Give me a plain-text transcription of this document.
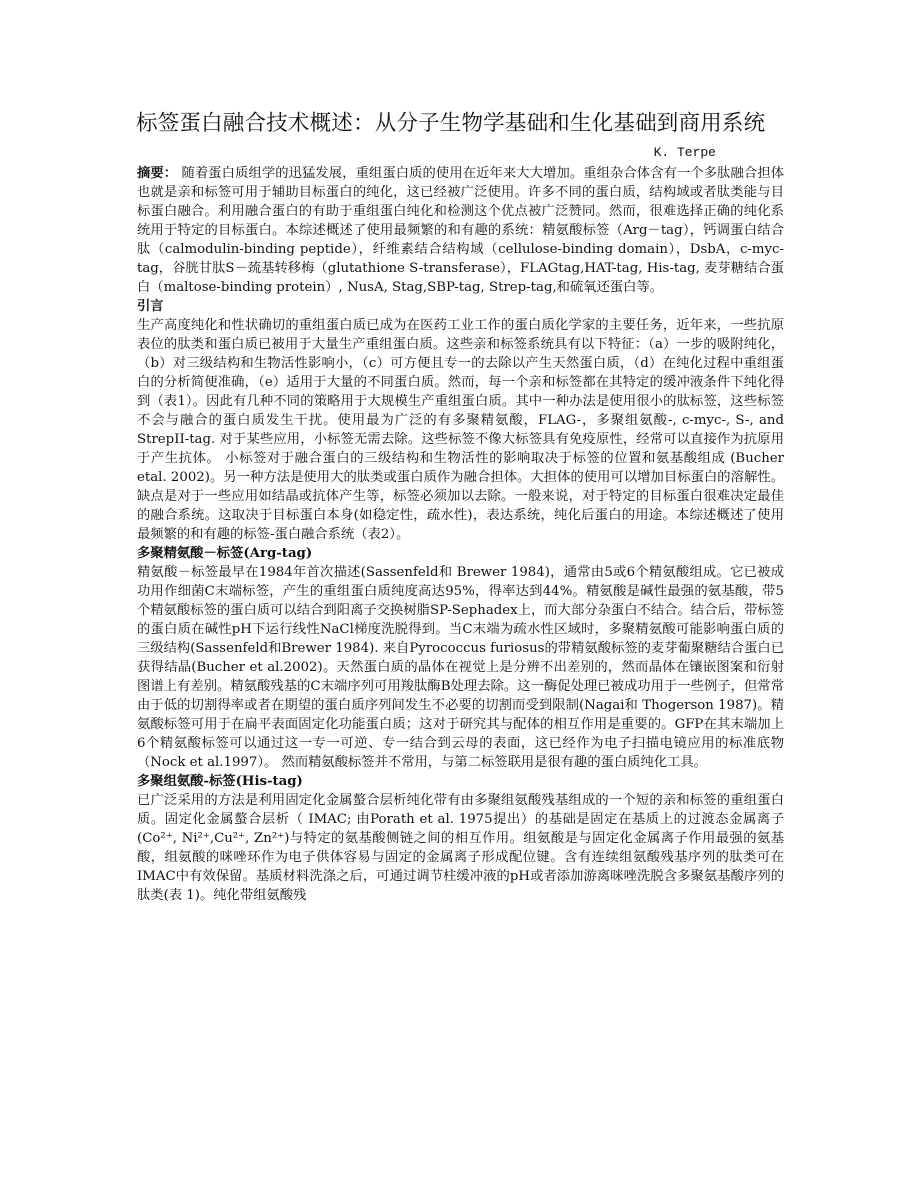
标签蛋白融合技术概述：从分子生物学基础和生化基础到商用系统
K. Terpe

摘要： 随着蛋白质组学的迅猛发展，重组蛋白质的使用在近年来大大增加。重组杂合体含有一个多肽融合担体也就是亲和标签可用于辅助目标蛋白的纯化，这已经被广泛使用。许多不同的蛋白质，结构域或者肽类能与目标蛋白融合。利用融合蛋白的有助于重组蛋白纯化和检测这个优点被广泛赞同。然而，很难选择正确的纯化系统用于特定的目标蛋白。本综述概述了使用最频繁的和有趣的系统：精氨酸标签（Arg－tag），钙调蛋白结合肽（calmodulin-binding peptide），纤维素结合结构域（cellulose-binding domain），DsbA，c-myc-tag，谷胱甘肽S－巯基转移梅（glutathione S-transferase），FLAGtag,HAT-tag, His-tag, 麦芽糖结合蛋白（maltose-binding protein）, NusA, Stag,SBP-tag, Strep-tag,和硫氧还蛋白等。

引言

生产高度纯化和性状确切的重组蛋白质已成为在医药工业工作的蛋白质化学家的主要任务，近年来，一些抗原表位的肽类和蛋白质已被用于大量生产重组蛋白质。这些亲和标签系统具有以下特征：（a）一步的吸附纯化，（b）对三级结构和生物活性影响小，（c）可方便且专一的去除以产生天然蛋白质，（d）在纯化过程中重组蛋白的分析简便准确，（e）适用于大量的不同蛋白质。然而，每一个亲和标签都在其特定的缓冲液条件下纯化得到（表1）。因此有几种不同的策略用于大规模生产重组蛋白质。其中一种办法是使用很小的肽标签，这些标签不会与融合的蛋白质发生干扰。使用最为广泛的有多聚精氨酸，FLAG-，多聚组氨酸-, c-myc-, S-, and StrepII-tag. 对于某些应用，小标签无需去除。这些标签不像大标签具有免疫原性，经常可以直接作为抗原用于产生抗体。 小标签对于融合蛋白的三级结构和生物活性的影响取决于标签的位置和氨基酸组成 (Bucher etal. 2002)。另一种方法是使用大的肽类或蛋白质作为融合担体。大担体的使用可以增加目标蛋白的溶解性。缺点是对于一些应用如结晶或抗体产生等，标签必须加以去除。一般来说，对于特定的目标蛋白很难决定最佳的融合系统。这取决于目标蛋白本身(如稳定性，疏水性)，表达系统，纯化后蛋白的用途。本综述概述了使用最频繁的和有趣的标签-蛋白融合系统（表2）。

多聚精氨酸－标签(Arg-tag)

精氨酸－标签最早在1984年首次描述(Sassenfeld和 Brewer 1984)，通常由5或6个精氨酸组成。它已被成功用作细菌C末端标签，产生的重组蛋白质纯度高达95%，得率达到44%。精氨酸是碱性最强的氨基酸，带5个精氨酸标签的蛋白质可以结合到阳离子交换树脂SP-Sephadex上，而大部分杂蛋白不结合。结合后，带标签的蛋白质在碱性pH下运行线性NaCl梯度洗脱得到。当C末端为疏水性区域时，多聚精氨酸可能影响蛋白质的三级结构(Sassenfeld和Brewer 1984). 来自Pyrococcus furiosus的带精氨酸标签的麦芽葡聚糖结合蛋白已获得结晶(Bucher et al.2002)。天然蛋白质的晶体在视觉上是分辨不出差别的，然而晶体在镶嵌图案和衍射图谱上有差别。精氨酸残基的C末端序列可用羧肽酶B处理去除。这一酶促处理已被成功用于一些例子，但常常由于低的切割得率或者在期望的蛋白质序列间发生不必要的切割而受到限制(Nagai和 Thogerson 1987)。精氨酸标签可用于在扁平表面固定化功能蛋白质；这对于研究其与配体的相互作用是重要的。GFP在其末端加上6个精氨酸标签可以通过这一专一可逆、专一结合到云母的表面，这已经作为电子扫描电镜应用的标准底物（Nock et al.1997）。 然而精氨酸标签并不常用，与第二标签联用是很有趣的蛋白质纯化工具。

多聚组氨酸-标签(His-tag)

已广泛采用的方法是利用固定化金属螯合层析纯化带有由多聚组氨酸残基组成的一个短的亲和标签的重组蛋白质。固定化金属螯合层析（ IMAC; 由Porath et al. 1975提出）的基础是固定在基质上的过渡态金属离子(Co²⁺, Ni²⁺,Cu²⁺, Zn²⁺)与特定的氨基酸侧链之间的相互作用。组氨酸是与固定化金属离子作用最强的氨基酸，组氨酸的咪唑环作为电子供体容易与固定的金属离子形成配位键。含有连续组氨酸残基序列的肽类可在IMAC中有效保留。基质材料洗涤之后，可通过调节柱缓冲液的pH或者添加游离咪唑洗脱含多聚氨基酸序列的肽类(表 1)。纯化带组氨酸残
